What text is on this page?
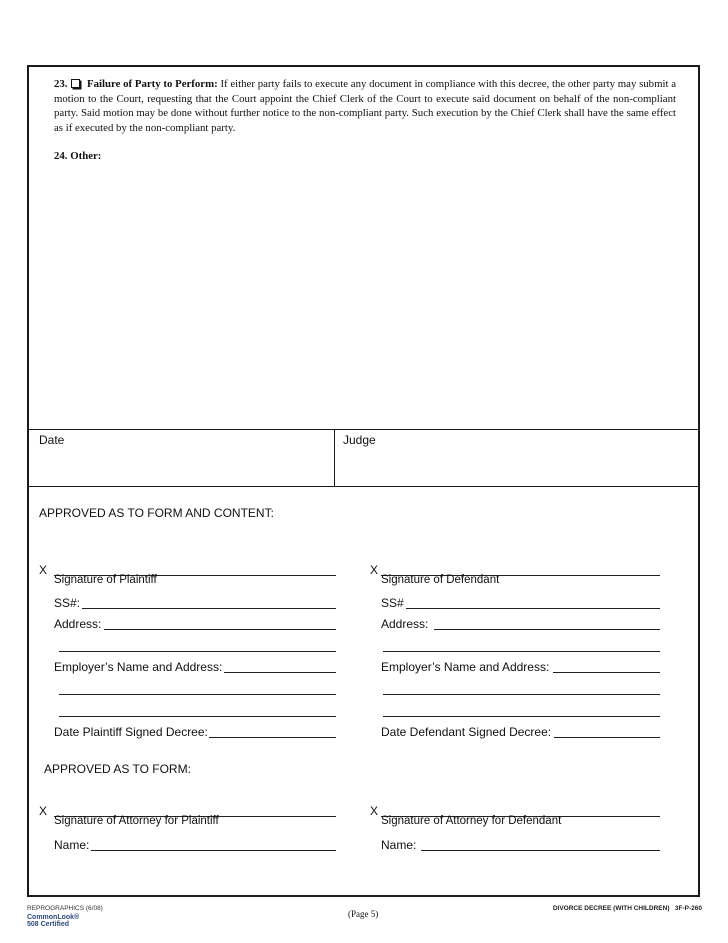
23. Failure of Party to Perform: If either party fails to execute any document in compliance with this decree, the other party may submit a motion to the Court, requesting that the Court appoint the Chief Clerk of the Court to execute said document on behalf of the non-compliant party. Said motion may be done without further notice to the non-compliant party. Such execution by the Chief Clerk shall have the same effect as if executed by the non-compliant party.
24. Other:
Date	Judge
APPROVED AS TO FORM AND CONTENT:
X
Signature of Plaintiff
SS#:
Address:
Employer’s Name and Address:
Date Plaintiff Signed Decree:
X
Signature of Defendant
SS#
Address:
Employer’s Name and Address:
Date Defendant Signed Decree:
APPROVED AS TO FORM:
X
Signature of Attorney for Plaintiff
Name:
X
Signature of Attorney for Defendant
Name:
REPROGRAPHICS (6/08)
CommonLook®
508 Certified
(Page 5)
DIVORCE DECREE (WITH CHILDREN)   3F-P-260
